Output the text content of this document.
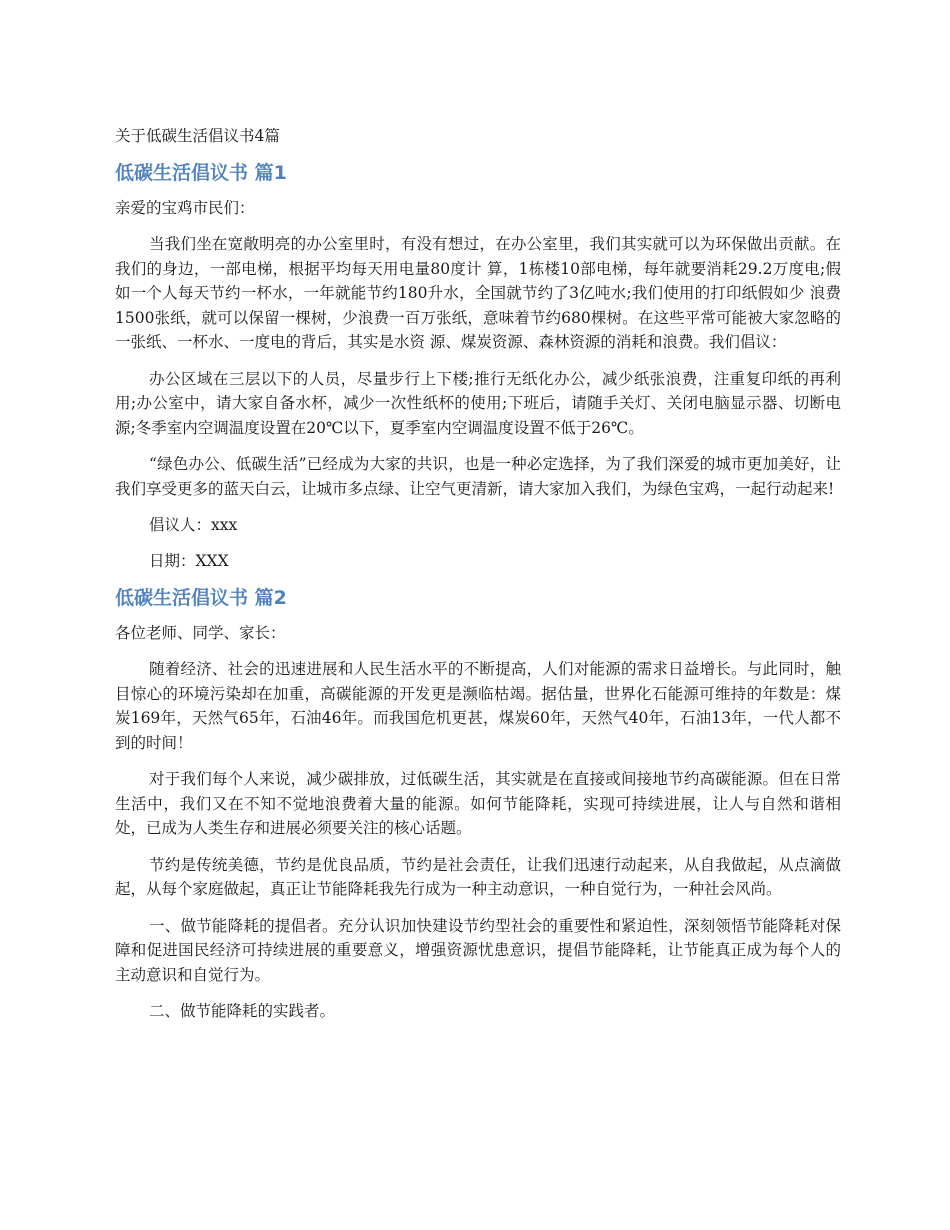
关于低碳生活倡议书4篇
低碳生活倡议书 篇1
亲爱的宝鸡市民们：

当我们坐在宽敞明亮的办公室里时，有没有想过，在办公室里，我们其实就可以为环保做出贡献。在我们的身边，一部电梯，根据平均每天用电量80度计 算，1栋楼10部电梯，每年就要消耗29.2万度电;假如一个人每天节约一杯水，一年就能节约180升水，全国就节约了3亿吨水;我们使用的打印纸假如少 浪费1500张纸，就可以保留一棵树，少浪费一百万张纸，意味着节约680棵树。在这些平常可能被大家忽略的一张纸、一杯水、一度电的背后，其实是水资 源、煤炭资源、森林资源的消耗和浪费。我们倡议：

办公区域在三层以下的人员，尽量步行上下楼;推行无纸化办公，减少纸张浪费，注重复印纸的再利用;办公室中，请大家自备水杯，减少一次性纸杯的使用;下班后，请随手关灯、关闭电脑显示器、切断电源;冬季室内空调温度设置在20℃以下，夏季室内空调温度设置不低于26℃。

“绿色办公、低碳生活”已经成为大家的共识，也是一种必定选择，为了我们深爱的城市更加美好，让我们享受更多的蓝天白云，让城市多点绿、让空气更清新，请大家加入我们，为绿色宝鸡，一起行动起来!

倡议人：xxx
日期：XXX
低碳生活倡议书 篇2
各位老师、同学、家长：

随着经济、社会的迅速进展和人民生活水平的不断提高，人们对能源的需求日益增长。与此同时，触目惊心的环境污染却在加重，高碳能源的开发更是濒临枯竭。据估量，世界化石能源可维持的年数是：煤炭169年，天然气65年，石油46年。而我国危机更甚，煤炭60年，天然气40年，石油13年，一代人都不到的时间！

对于我们每个人来说，减少碳排放，过低碳生活，其实就是在直接或间接地节约高碳能源。但在日常生活中，我们又在不知不觉地浪费着大量的能源。如何节能降耗，实现可持续进展，让人与自然和谐相处，已成为人类生存和进展必须要关注的核心话题。

节约是传统美德，节约是优良品质，节约是社会责任，让我们迅速行动起来，从自我做起，从点滴做起，从每个家庭做起，真正让节能降耗我先行成为一种主动意识，一种自觉行为，一种社会风尚。

一、做节能降耗的提倡者。充分认识加快建设节约型社会的重要性和紧迫性，深刻领悟节能降耗对保障和促进国民经济可持续进展的重要意义，增强资源忧患意识，提倡节能降耗，让节能真正成为每个人的主动意识和自觉行为。

二、做节能降耗的实践者。
